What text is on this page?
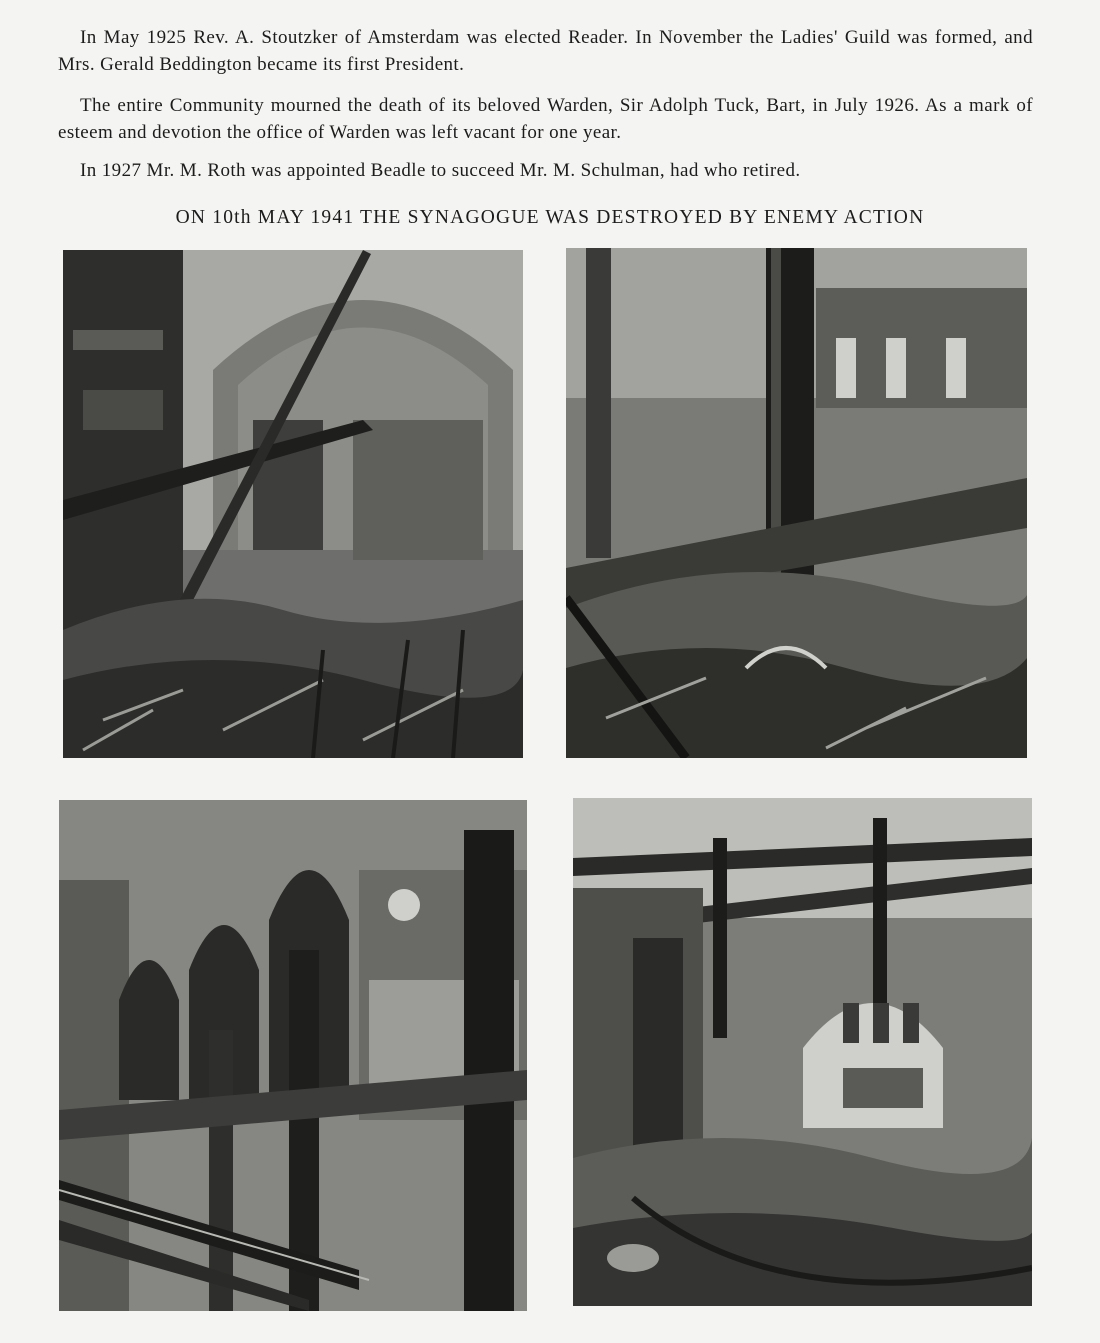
In May 1925 Rev. A. Stoutzker of Amsterdam was elected Reader. In November the Ladies' Guild was formed, and Mrs. Gerald Beddington became its first President.

The entire Community mourned the death of its beloved Warden, Sir Adolph Tuck, Bart, in July 1926. As a mark of esteem and devotion the office of Warden was left vacant for one year.

In 1927 Mr. M. Roth was appointed Beadle to succeed Mr. M. Schulman, had who retired.

ON 10th MAY 1941 THE SYNAGOGUE WAS DESTROYED BY ENEMY ACTION
